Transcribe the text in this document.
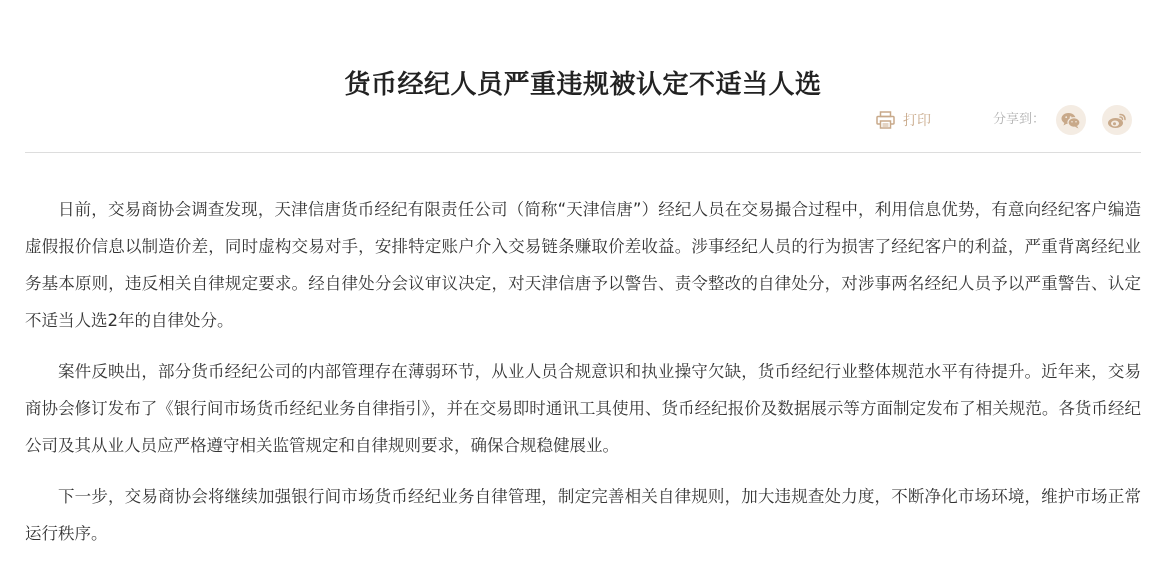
货币经纪人员严重违规被认定不适当人选
打印	分享到：

日前，交易商协会调查发现，天津信唐货币经纪有限责任公司（简称“天津信唐”）经纪人员在交易撮合过程中，利用信息优势，有意向经纪客户编造虚假报价信息以制造价差，同时虚构交易对手，安排特定账户介入交易链条赚取价差收益。涉事经纪人员的行为损害了经纪客户的利益，严重背离经纪业务基本原则，违反相关自律规定要求。经自律处分会议审议决定，对天津信唐予以警告、责令整改的自律处分，对涉事两名经纪人员予以严重警告、认定不适当人选2年的自律处分。

案件反映出，部分货币经纪公司的内部管理存在薄弱环节，从业人员合规意识和执业操守欠缺，货币经纪行业整体规范水平有待提升。近年来，交易商协会修订发布了《银行间市场货币经纪业务自律指引》，并在交易即时通讯工具使用、货币经纪报价及数据展示等方面制定发布了相关规范。各货币经纪公司及其从业人员应严格遵守相关监管规定和自律规则要求，确保合规稳健展业。

下一步，交易商协会将继续加强银行间市场货币经纪业务自律管理，制定完善相关自律规则，加大违规查处力度，不断净化市场环境，维护市场正常运行秩序。
